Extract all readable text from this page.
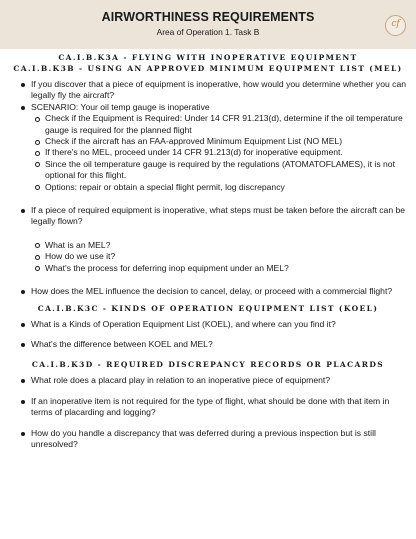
AIRWORTHINESS REQUIREMENTS
Area of Operation 1. Task B
cf
CA.I.B.K3A - FLYING WITH INOPERATIVE EQUIPMENT
CA.I.B.K3B - USING AN APPROVED MINIMUM EQUIPMENT LIST (MEL)
If you discover that a piece of equipment is inoperative, how would you determine whether you can legally fly the aircraft?
SCENARIO: Your oil temp gauge is inoperative
Check if the Equipment is Required: Under 14 CFR 91.213(d), determine if the oil temperature gauge is required for the planned flight
Check if the aircraft has an FAA-approved Minimum Equipment List (NO MEL)
If there's no MEL, proceed under 14 CFR 91.213(d) for inoperative equipment.
Since the oil temperature gauge is required by the regulations (ATOMATOFLAMES), it is not optional for this flight.
Options: repair or obtain a special flight permit, log discrepancy
If a piece of required equipment is inoperative, what steps must be taken before the aircraft can be legally flown?
What is an MEL?
How do we use it?
What's the process for deferring inop equipment under an MEL?
How does the MEL influence the decision to cancel, delay, or proceed with a commercial flight?
CA.I.B.K3C - KINDS OF OPERATION EQUIPMENT LIST (KOEL)
What is a Kinds of Operation Equipment List (KOEL), and where can you find it?
What's the difference between KOEL and MEL?
CA.I.B.K3D - REQUIRED DISCREPANCY RECORDS OR PLACARDS
What role does a placard play in relation to an inoperative piece of equipment?
If an inoperative item is not required for the type of flight, what should be done with that item in terms of placarding and logging?
How do you handle a discrepancy that was deferred during a previous inspection but is still unresolved?
